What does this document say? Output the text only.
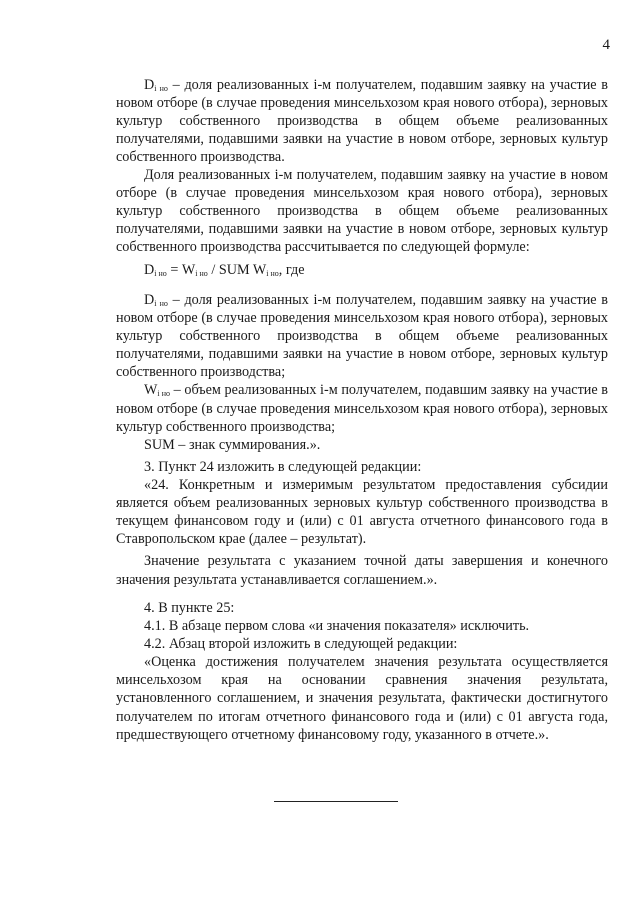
4

$D_{i но}$ – доля реализованных i-м получателем, подавшим заявку на участие в новом отборе (в случае проведения минсельхозом края нового отбора), зерновых культур собственного производства в общем объеме реализованных получателями, подавшими заявки на участие в новом отборе, зерновых культур собственного производства.

Доля реализованных i-м получателем, подавшим заявку на участие в новом отборе (в случае проведения минсельхозом края нового отбора), зерновых культур собственного производства в общем объеме реализованных получателями, подавшими заявки на участие в новом отборе, зерновых культур собственного производства рассчитывается по следующей формуле:

$D_{i но} = W_{i но}$ / SUM $W_{i но}$, где

$D_{i но}$ – доля реализованных i-м получателем, подавшим заявку на участие в новом отборе (в случае проведения минсельхозом края нового отбора), зерновых культур собственного производства в общем объеме реализованных получателями, подавшими заявки на участие в новом отборе, зерновых культур собственного производства;

$W_{i но}$ – объем реализованных i-м получателем, подавшим заявку на участие в новом отборе (в случае проведения минсельхозом края нового отбора), зерновых культур собственного производства;

SUM – знак суммирования.».

3. Пункт 24 изложить в следующей редакции:

«24. Конкретным и измеримым результатом предоставления субсидии является объем реализованных зерновых культур собственного производства в текущем финансовом году и (или) с 01 августа отчетного финансового года в Ставропольском крае (далее – результат).

Значение результата с указанием точной даты завершения и конечного значения результата устанавливается соглашением.».

4. В пункте 25:

4.1. В абзаце первом слова «и значения показателя» исключить.

4.2. Абзац второй изложить в следующей редакции:

«Оценка достижения получателем значения результата осуществляется минсельхозом края на основании сравнения значения результата, установленного соглашением, и значения результата, фактически достигнутого получателем по итогам отчетного финансового года и (или) с 01 августа года, предшествующего отчетному финансовому году, указанного в отчете.».
